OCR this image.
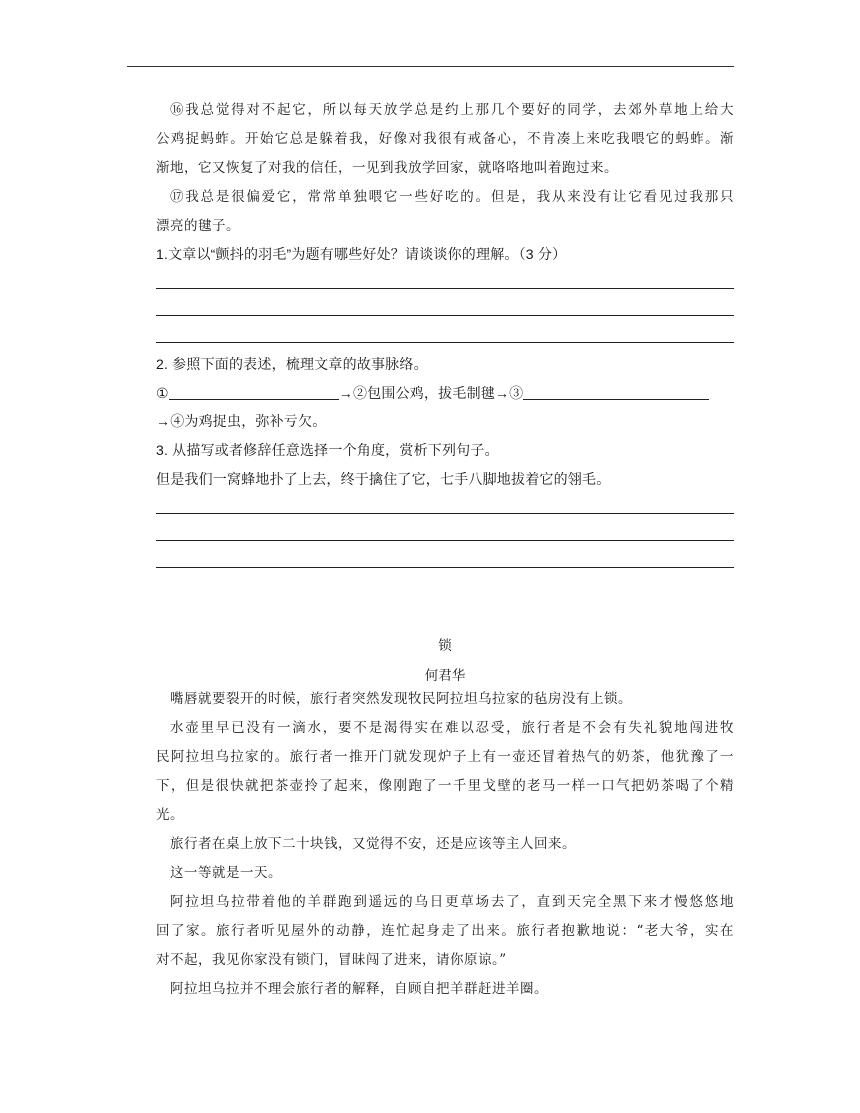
⑯我总觉得对不起它，所以每天放学总是约上那几个要好的同学，去郊外草地上给大
公鸡捉蚂蚱。开始它总是躲着我，好像对我很有戒备心，不肯凑上来吃我喂它的蚂蚱。渐
渐地，它又恢复了对我的信任，一见到我放学回家，就咯咯地叫着跑过来。
⑰我总是很偏爱它，常常单独喂它一些好吃的。但是，我从来没有让它看见过我那只
漂亮的毽子。
1.文章以“颤抖的羽毛”为题有哪些好处？请谈谈你的理解。（3 分）
2. 参照下面的表述，梳理文章的故事脉络。
①	→②包围公鸡，拔毛制毽→③
→④为鸡捉虫，弥补亏欠。
3. 从描写或者修辞任意选择一个角度，赏析下列句子。
但是我们一窝蜂地扑了上去，终于擒住了它，七手八脚地拔着它的翎毛。
锁
何君华
嘴唇就要裂开的时候，旅行者突然发现牧民阿拉坦乌拉家的毡房没有上锁。
水壶里早已没有一滴水，要不是渴得实在难以忍受，旅行者是不会有失礼貌地闯进牧
民阿拉坦乌拉家的。旅行者一推开门就发现炉子上有一壶还冒着热气的奶茶，他犹豫了一
下，但是很快就把茶壶拎了起来，像刚跑了一千里戈壁的老马一样一口气把奶茶喝了个精
光。
旅行者在桌上放下二十块钱，又觉得不安，还是应该等主人回来。
这一等就是一天。
阿拉坦乌拉带着他的羊群跑到遥远的乌日更草场去了，直到天完全黑下来才慢悠悠地
回了家。旅行者听见屋外的动静，连忙起身走了出来。旅行者抱歉地说：“老大爷，实在
对不起，我见你家没有锁门，冒昧闯了进来，请你原谅。”
阿拉坦乌拉并不理会旅行者的解释，自顾自把羊群赶进羊圈。
